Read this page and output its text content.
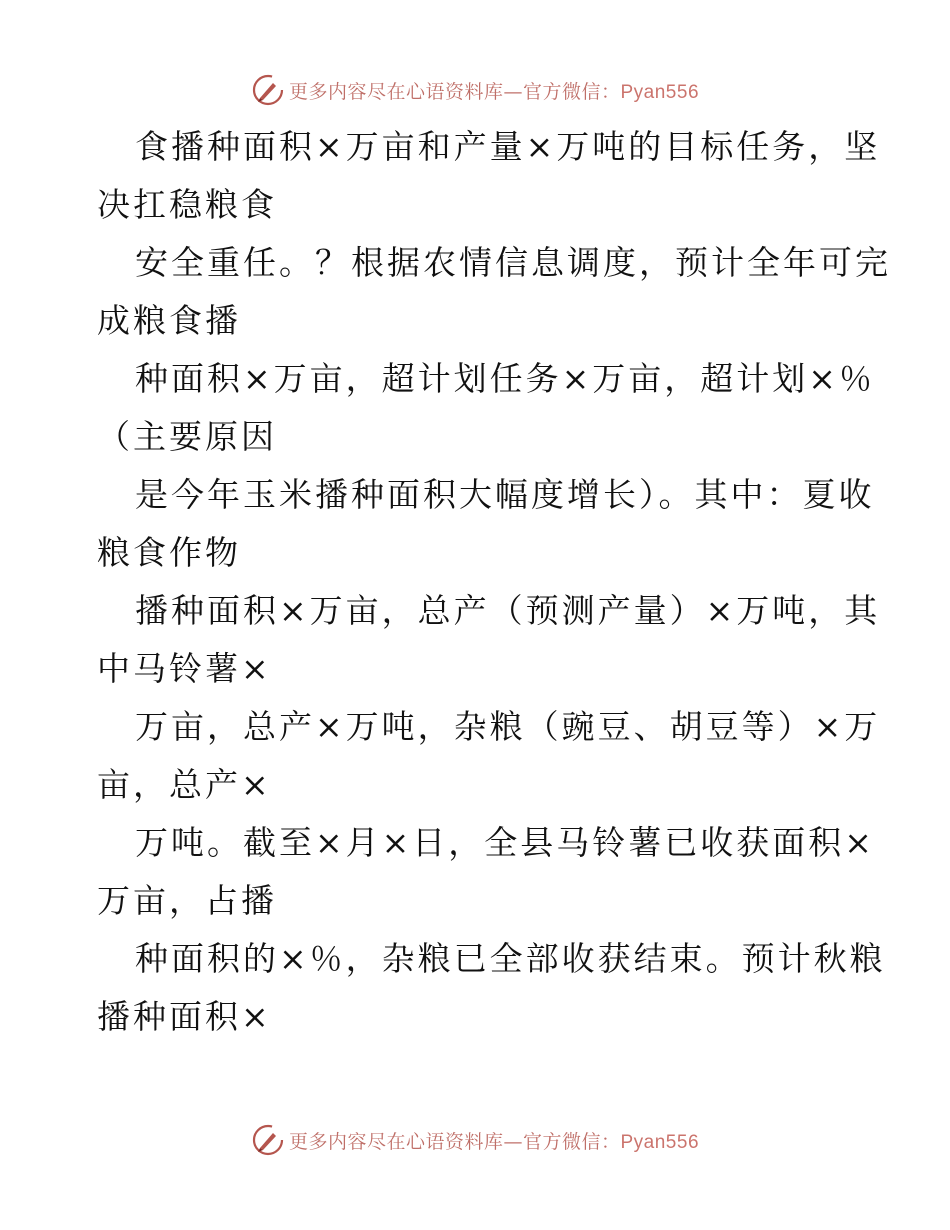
更多内容尽在心语资料库—官方微信：Pyan556
食播种面积×万亩和产量×万吨的目标任务，坚
决扛稳粮食
安全重任。？根据农情信息调度，预计全年可完
成粮食播
种面积×万亩，超计划任务×万亩，超计划×％
（主要原因
是今年玉米播种面积大幅度增长）。其中：夏收
粮食作物
播种面积×万亩，总产（预测产量）×万吨，其
中马铃薯×
万亩，总产×万吨，杂粮（豌豆、胡豆等）×万
亩，总产×
万吨。截至×月×日，全县马铃薯已收获面积×
万亩，占播
种面积的×％，杂粮已全部收获结束。预计秋粮
播种面积×
更多内容尽在心语资料库—官方微信：Pyan556
